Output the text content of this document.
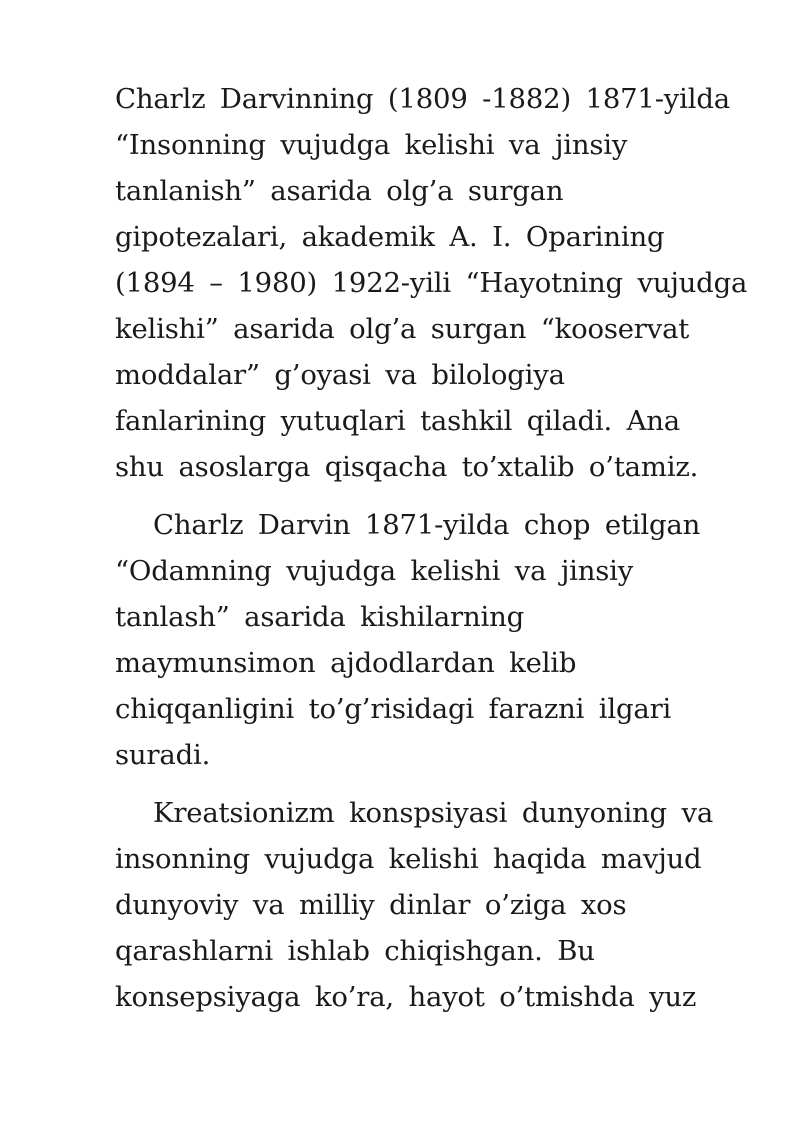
Charlz Darvinning (1809 -1882) 1871-yilda
“Insonning vujudga kelishi va jinsiy
tanlanish” asarida olg’a surgan
gipotezalari, akademik A. I. Oparining
(1894 – 1980) 1922-yili “Hayotning vujudga
kelishi” asarida olg’a surgan “kooservat
moddalar” g’oyasi va bilologiya
fanlarining yutuqlari tashkil qiladi. Ana
shu asoslarga qisqacha to’xtalib o’tamiz.
Charlz Darvin 1871-yilda chop etilgan
“Odamning vujudga kelishi va jinsiy
tanlash” asarida kishilarning
maymunsimon ajdodlardan kelib
chiqqanligini to’g’risidagi farazni ilgari
suradi.
Kreatsionizm konspsiyasi dunyoning va
insonning vujudga kelishi haqida mavjud
dunyoviy va milliy dinlar o’ziga xos
qarashlarni ishlab chiqishgan. Bu
konsepsiyaga ko’ra, hayot o’tmishda yuz
